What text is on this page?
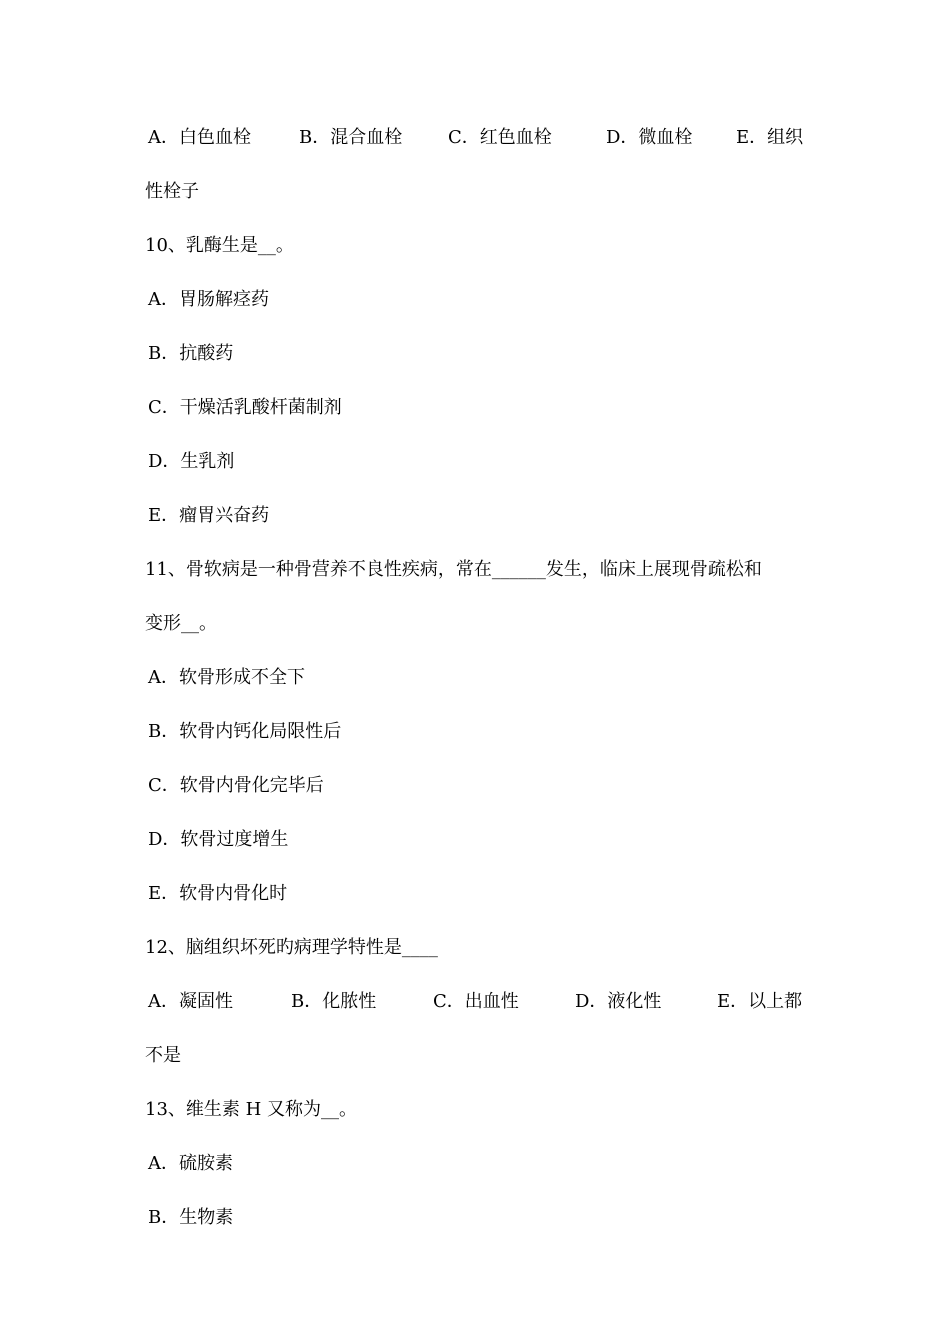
A．白色血栓	B．混合血栓	C．红色血栓	D．微血栓 E．组织
性栓子
10、乳酶生是__。
A．胃肠解痉药
B．抗酸药
C．干燥活乳酸杆菌制剂
D．生乳剂
E．瘤胃兴奋药
11、骨软病是一种骨营养不良性疾病，常在______发生，临床上展现骨疏松和
变形__。
A．软骨形成不全下
B．软骨内钙化局限性后
C．软骨内骨化完毕后
D．软骨过度增生
E．软骨内骨化时
12、脑组织坏死旳病理学特性是____
A．凝固性	B．化脓性	C．出血性	D．液化性	E．以上都
不是
13、维生素 H 又称为__。
A．硫胺素
B．生物素
